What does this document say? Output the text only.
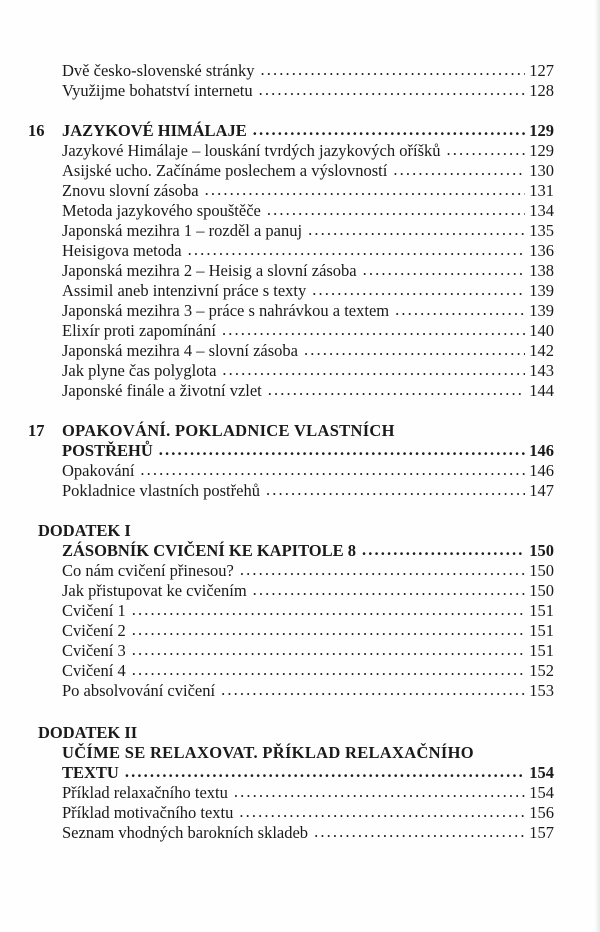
Dvě česko-slovenské stránky . . .	127
Využijme bohatství internetu . . .	128
16 JAZYKOVÉ HIMÁLAJE . . .	129
Jazykové Himálaje – louskání tvrdých jazykových oříšků . . .	129
Asijské ucho. Začínáme poslechem a výslovností . . .	130
Znovu slovní zásoba . . .	131
Metoda jazykového spouštěče . . .	134
Japonská mezihra 1 – rozděl a panuj . . .	135
Heisigova metoda . . .	136
Japonská mezihra 2 – Heisig a slovní zásoba . . .	138
Assimil aneb intenzivní práce s texty . . .	139
Japonská mezihra 3 – práce s nahrávkou a textem . . .	139
Elixír proti zapomínání . . .	140
Japonská mezihra 4 – slovní zásoba . . .	142
Jak plyne čas polyglota . . .	143
Japonské finále a životní vzlet . . .	144
17 OPAKOVÁNÍ. POKLADNICE VLASTNÍCH
POSTŘEHŮ . . .	146
Opakování . . .	146
Pokladnice vlastních postřehů . . .	147
DODATEK I
ZÁSOBNÍK CVIČENÍ KE KAPITOLE 8 . . .	150
Co nám cvičení přinesou? . . .	150
Jak přistupovat ke cvičením . . .	150
Cvičení 1 . . .	151
Cvičení 2 . . .	151
Cvičení 3 . . .	151
Cvičení 4 . . .	152
Po absolvování cvičení . . .	153
DODATEK II
UČÍME SE RELAXOVAT. PŘÍKLAD RELAXAČNÍHO
TEXTU . . .	154
Příklad relaxačního textu . . .	154
Příklad motivačního textu . . .	156
Seznam vhodných barokních skladeb . . .	157
